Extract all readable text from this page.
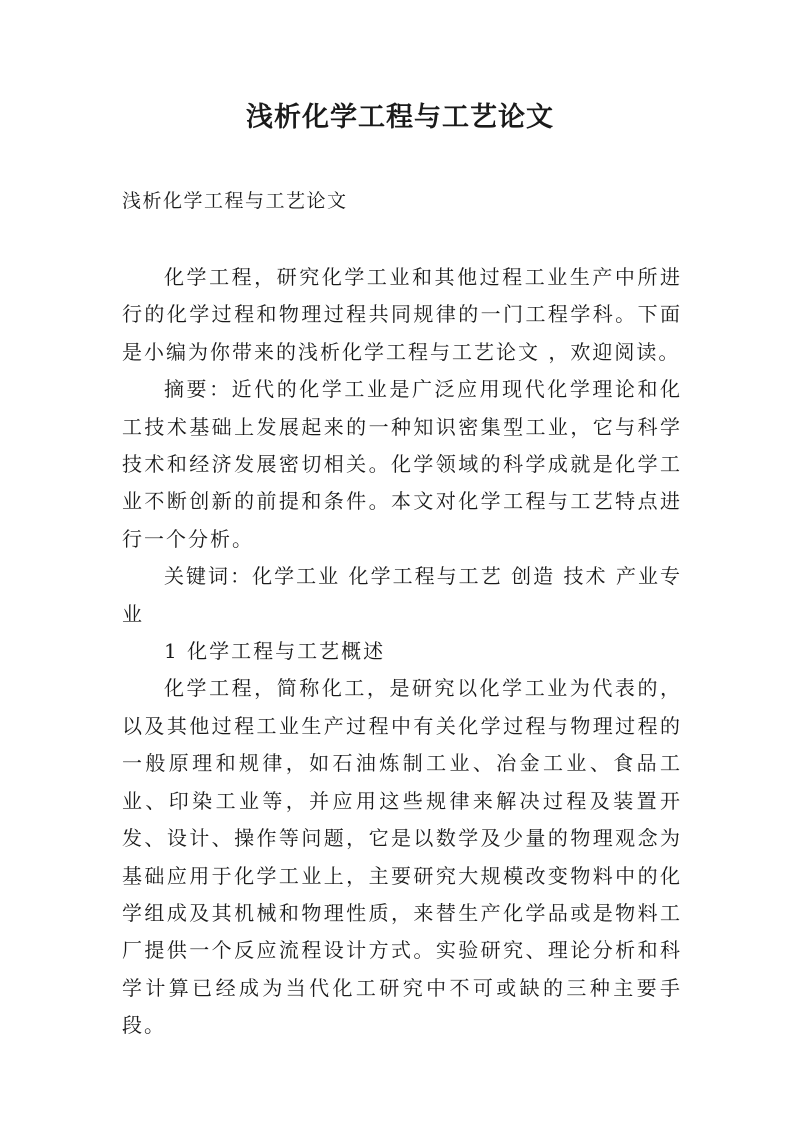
浅析化学工程与工艺论文

浅析化学工程与工艺论文

化学工程，研究化学工业和其他过程工业生产中所进行的化学过程和物理过程共同规律的一门工程学科。下面是小编为你带来的浅析化学工程与工艺论文 ，欢迎阅读。

摘要：近代的化学工业是广泛应用现代化学理论和化工技术基础上发展起来的一种知识密集型工业，它与科学技术和经济发展密切相关。化学领域的科学成就是化学工业不断创新的前提和条件。本文对化学工程与工艺特点进行一个分析。

关键词：化学工业 化学工程与工艺 创造 技术 产业专业

1 化学工程与工艺概述

化学工程，简称化工，是研究以化学工业为代表的，以及其他过程工业生产过程中有关化学过程与物理过程的一般原理和规律，如石油炼制工业、冶金工业、食品工业、印染工业等，并应用这些规律来解决过程及装置开发、设计、操作等问题，它是以数学及少量的物理观念为基础应用于化学工业上，主要研究大规模改变物料中的化学组成及其机械和物理性质，来替生产化学品或是物料工厂提供一个反应流程设计方式。实验研究、理论分析和科学计算已经成为当代化工研究中不可或缺的三种主要手段。
